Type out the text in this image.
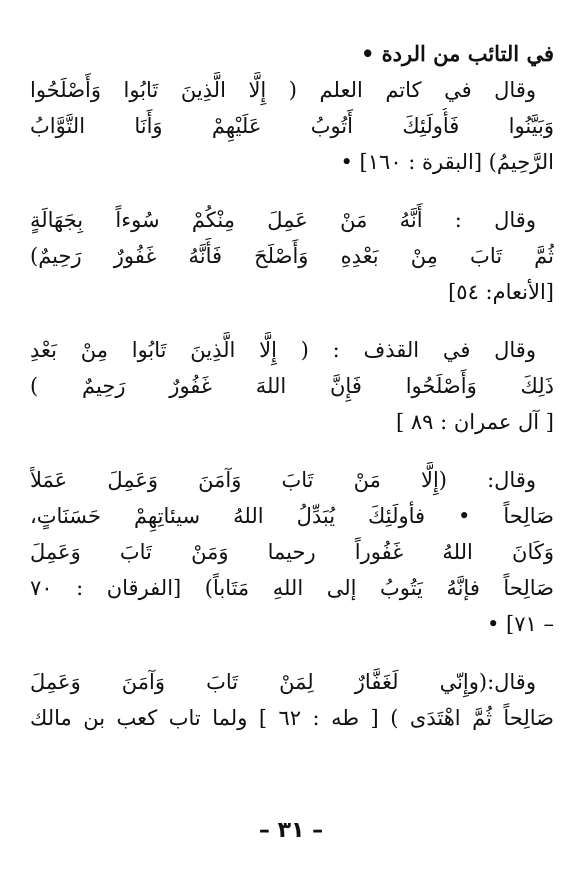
في التائب من الردة •
وقال في كاتم العلم ( إِلَّا الَّذِينَ تَابُوا وَأَصْلَحُوا
وَبَيَّنُوا فَأُولَئِكَ أَتُوبُ عَلَيْهِمْ وَأَنَا التَّوَّابُ
الرَّحِيمُ) [البقرة : ١٦٠] •
وقال : أَنَّهُ مَنْ عَمِلَ مِنْكُمْ سُوءاً بِجَهَالَةٍ
ثُمَّ تَابَ مِنْ بَعْدِهِ وَأَصْلَحَ فَأَنَّهُ غَفُورٌ رَحِيمٌ)
[الأنعام: ٥٤]
وقال في القذف : ( إِلَّا الَّذِينَ تَابُوا مِنْ بَعْدِ
ذَلِكَ وَأَصْلَحُوا فَإِنَّ اللهَ غَفُورٌ رَحِيمٌ )
[ آل عمران : ٨٩ ]
وقال: (إِلَّا مَنْ تَابَ وَآمَنَ وَعَمِلَ عَمَلاً
صَالِحاً • فأولَئِكَ يُبَدِّلُ اللهُ سيئاتِهِمْ حَسَنَاتٍ،
وَكَانَ اللهُ غَفُوراً رحيما وَمَنْ تَابَ وَعَمِلَ
صَالِحاً فإنَّهُ يَتُوبُ إلى اللهِ مَتَاباً) [الفرقان : ٧٠
– ٧١] •
وقال:(وإِنّي لَغَفَّارٌ لِمَنْ تَابَ وَآمَنَ وَعَمِلَ
صَالِحاً ثُمَّ اهْتَدَى ) [ طه : ٦٢ ] ولما تاب كعب بن مالك
– ٣١ –
